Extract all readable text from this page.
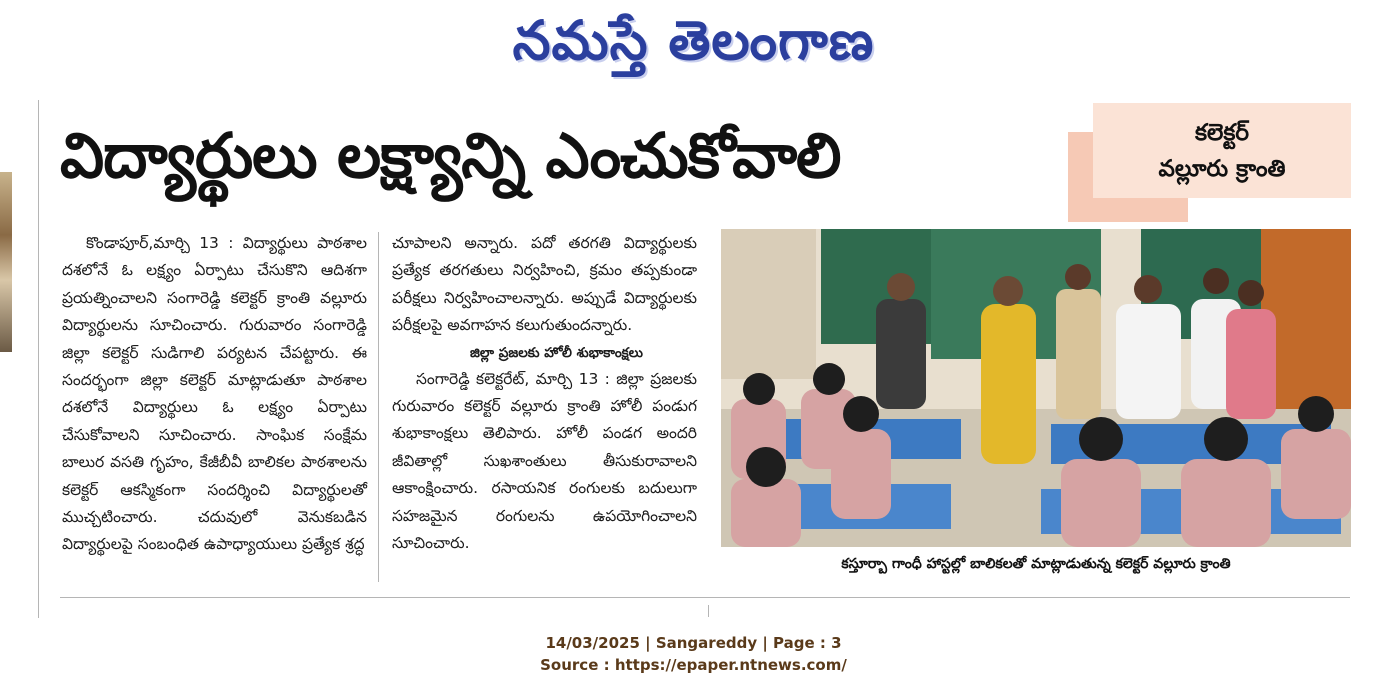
నమస్తే తెలంగాణ
విద్యార్థులు లక్ష్యాన్ని ఎంచుకోవాలి	కలెక్టర్
వల్లూరు క్రాంతి

కొండాపూర్,మార్చి 13 : విద్యార్థులు పాఠశాల దశలోనే ఓ లక్ష్యం ఏర్పాటు చేసుకొని ఆదిశగా ప్రయత్నించాలని సంగారెడ్డి కలెక్టర్ క్రాంతి వల్లూరు విద్యార్థులను సూచించారు. గురువారం సంగారెడ్డి జిల్లా కలెక్టర్ సుడిగాలి పర్యటన చేపట్టారు. ఈ సందర్భంగా జిల్లా కలెక్టర్ మాట్లాడుతూ పాఠశాల దశలోనే విద్యార్థులు ఓ లక్ష్యం ఏర్పాటు చేసుకోవాలని సూచించారు. సాంఘిక సంక్షేమ బాలుర వసతి గృహం, కేజీబీవీ బాలికల పాఠశాలను కలెక్టర్ ఆకస్మికంగా సందర్శించి విద్యార్థులతో ముచ్చటించారు. చదువులో వెనుకబడిన విద్యార్థులపై సంబంధిత ఉపాధ్యాయులు ప్రత్యేక శ్రద్ధ

చూపాలని అన్నారు. పదో తరగతి విద్యార్థులకు ప్రత్యేక తరగతులు నిర్వహించి, క్రమం తప్పకుండా పరీక్షలు నిర్వహించాలన్నారు. అప్పుడే విద్యార్థులకు పరీక్షలపై అవగాహన కలుగుతుందన్నారు.

జిల్లా ప్రజలకు హోలీ శుభాకాంక్షలు

సంగారెడ్డి కలెక్టరేట్, మార్చి 13 : జిల్లా ప్రజలకు గురువారం కలెక్టర్ వల్లూరు క్రాంతి హోలీ పండుగ శుభాకాంక్షలు తెలిపారు. హోలీ పండగ అందరి జీవితాల్లో సుఖశాంతులు తీసుకురావాలని ఆకాంక్షించారు. రసాయనిక రంగులకు బదులుగా సహజమైన రంగులను ఉపయోగించాలని సూచించారు.

కస్తూర్బా గాంధీ హాస్టల్లో బాలికలతో మాట్లాడుతున్న కలెక్టర్ వల్లూరు క్రాంతి
14/03/2025 | Sangareddy | Page : 3
Source : https://epaper.ntnews.com/
